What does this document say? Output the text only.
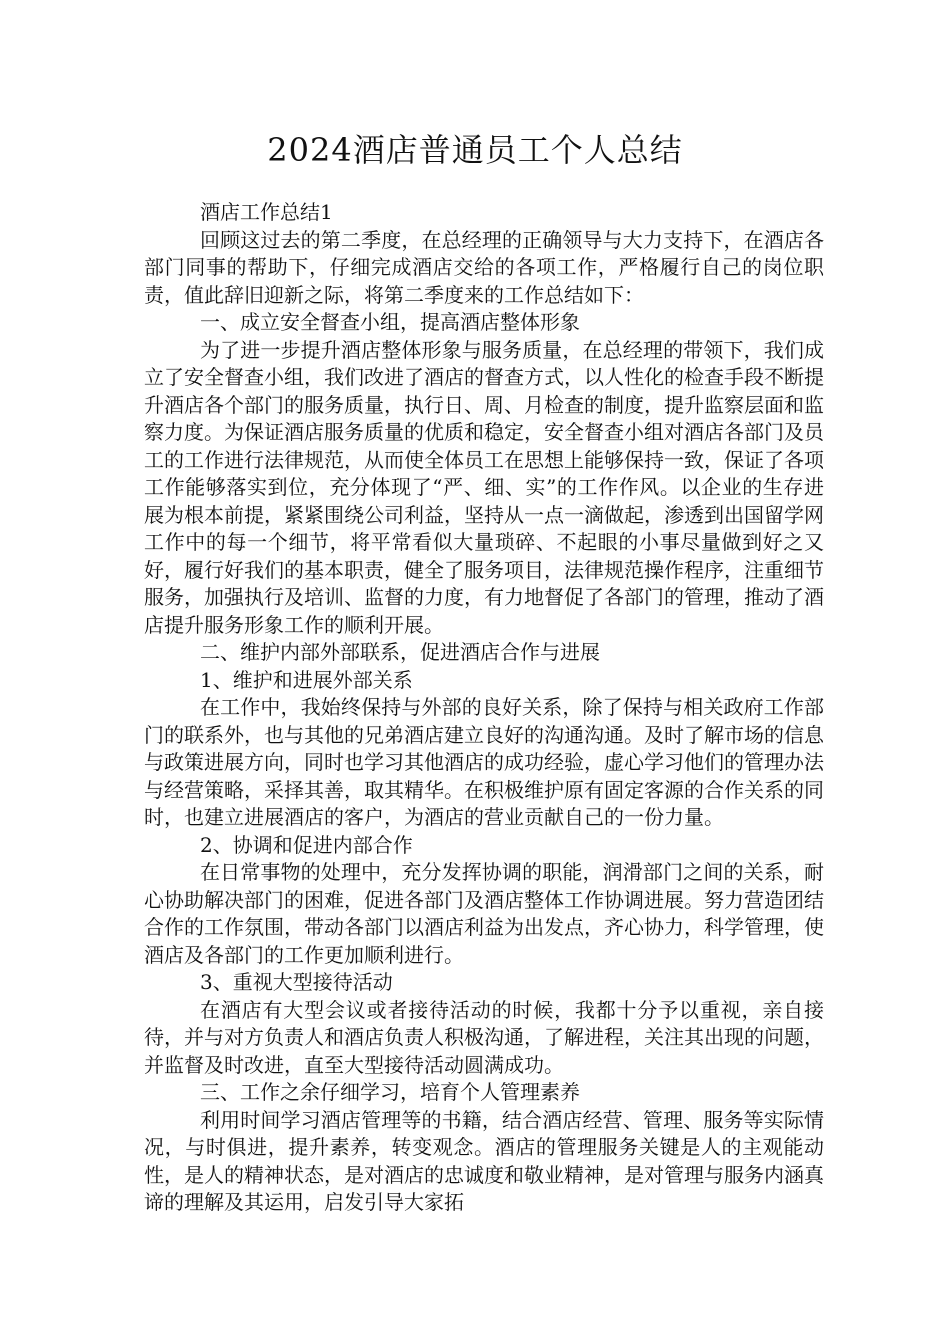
2024酒店普通员工个人总结

酒店工作总结1

回顾这过去的第二季度，在总经理的正确领导与大力支持下，在酒店各部门同事的帮助下，仔细完成酒店交给的各项工作，严格履行自己的岗位职责，值此辞旧迎新之际，将第二季度来的工作总结如下：

一、成立安全督查小组，提高酒店整体形象

为了进一步提升酒店整体形象与服务质量，在总经理的带领下，我们成立了安全督查小组，我们改进了酒店的督查方式，以人性化的检查手段不断提升酒店各个部门的服务质量，执行日、周、月检查的制度，提升监察层面和监察力度。为保证酒店服务质量的优质和稳定，安全督查小组对酒店各部门及员工的工作进行法律规范，从而使全体员工在思想上能够保持一致，保证了各项工作能够落实到位，充分体现了“严、细、实”的工作作风。以企业的生存进展为根本前提，紧紧围绕公司利益，坚持从一点一滴做起，渗透到出国留学网工作中的每一个细节，将平常看似大量琐碎、不起眼的小事尽量做到好之又好，履行好我们的基本职责，健全了服务项目，法律规范操作程序，注重细节服务，加强执行及培训、监督的力度，有力地督促了各部门的管理，推动了酒店提升服务形象工作的顺利开展。

二、维护内部外部联系，促进酒店合作与进展

1、维护和进展外部关系

在工作中，我始终保持与外部的良好关系，除了保持与相关政府工作部门的联系外，也与其他的兄弟酒店建立良好的沟通沟通。及时了解市场的信息与政策进展方向，同时也学习其他酒店的成功经验，虚心学习他们的管理办法与经营策略，采择其善，取其精华。在积极维护原有固定客源的合作关系的同时，也建立进展酒店的客户，为酒店的营业贡献自己的一份力量。

2、协调和促进内部合作

在日常事物的处理中，充分发挥协调的职能，润滑部门之间的关系，耐心协助解决部门的困难，促进各部门及酒店整体工作协调进展。努力营造团结合作的工作氛围，带动各部门以酒店利益为出发点，齐心协力，科学管理，使酒店及各部门的工作更加顺利进行。

3、重视大型接待活动

在酒店有大型会议或者接待活动的时候，我都十分予以重视，亲自接待，并与对方负责人和酒店负责人积极沟通，了解进程，关注其出现的问题，并监督及时改进，直至大型接待活动圆满成功。

三、工作之余仔细学习，培育个人管理素养

利用时间学习酒店管理等的书籍，结合酒店经营、管理、服务等实际情况，与时俱进，提升素养，转变观念。酒店的管理服务关键是人的主观能动性，是人的精神状态，是对酒店的忠诚度和敬业精神，是对管理与服务内涵真谛的理解及其运用，启发引导大家拓
